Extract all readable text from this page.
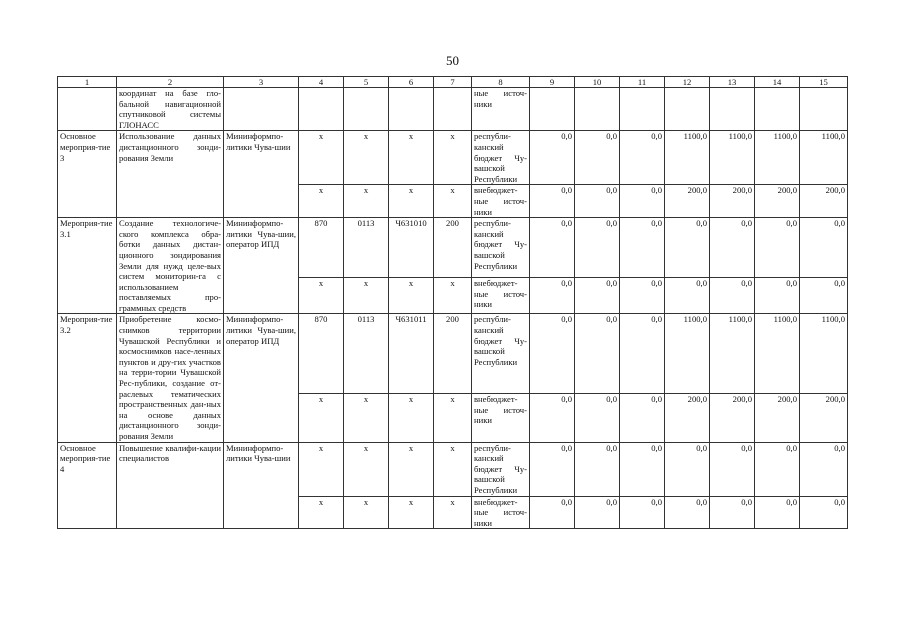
50
1	2	3	4	5	6	7	8	9	10	11	12	13	14	15
	координат на базе гло-бальной навигационной спутниковой системы ГЛОНАСС						ные источ-ники							
Основное мероприя-тие 3	Использование данных дистанционного зонди-рования Земли	Мининформпо-литики Чува-шии	х	х	х	х	республи-канский бюджет Чу-вашской Республики	0,0	0,0	0,0	1100,0	1100,0	1100,0	1100,0
			х	х	х	х	внебюджет-ные источ-ники	0,0	0,0	0,0	200,0	200,0	200,0	200,0
Мероприя-тие 3.1	Создание технологиче-ского комплекса обра-ботки данных дистан-ционного зондирования Земли для нужд целе-вых систем мониторин-га с использованием поставляемых про-граммных средств	Мининформпо-литики Чува-шии, оператор ИПД	870	0113	Ч631010	200	республи-канский бюджет Чу-вашской Республики	0,0	0,0	0,0	0,0	0,0	0,0	0,0
			х	х	х	х	внебюджет-ные источ-ники	0,0	0,0	0,0	0,0	0,0	0,0	0,0
Мероприя-тие 3.2	Приобретение космо-снимков территории Чувашской Республики и космоснимков насе-ленных пунктов и дру-гих участков на терри-тории Чувашской Рес-публики, создание от-раслевых тематических пространственных дан-ных на основе данных дистанционного зонди-рования Земли	Мининформпо-литики Чува-шии, оператор ИПД	870	0113	Ч631011	200	республи-канский бюджет Чу-вашской Республики	0,0	0,0	0,0	1100,0	1100,0	1100,0	1100,0
			х	х	х	х	внебюджет-ные источ-ники	0,0	0,0	0,0	200,0	200,0	200,0	200,0
Основное мероприя-тие 4	Повышение квалифи-кации специалистов	Мининформпо-литики Чува-шии	х	х	х	х	республи-канский бюджет Чу-вашской Республики	0,0	0,0	0,0	0,0	0,0	0,0	0,0
			х	х	х	х	внебюджет-ные источ-ники	0,0	0,0	0,0	0,0	0,0	0,0	0,0
